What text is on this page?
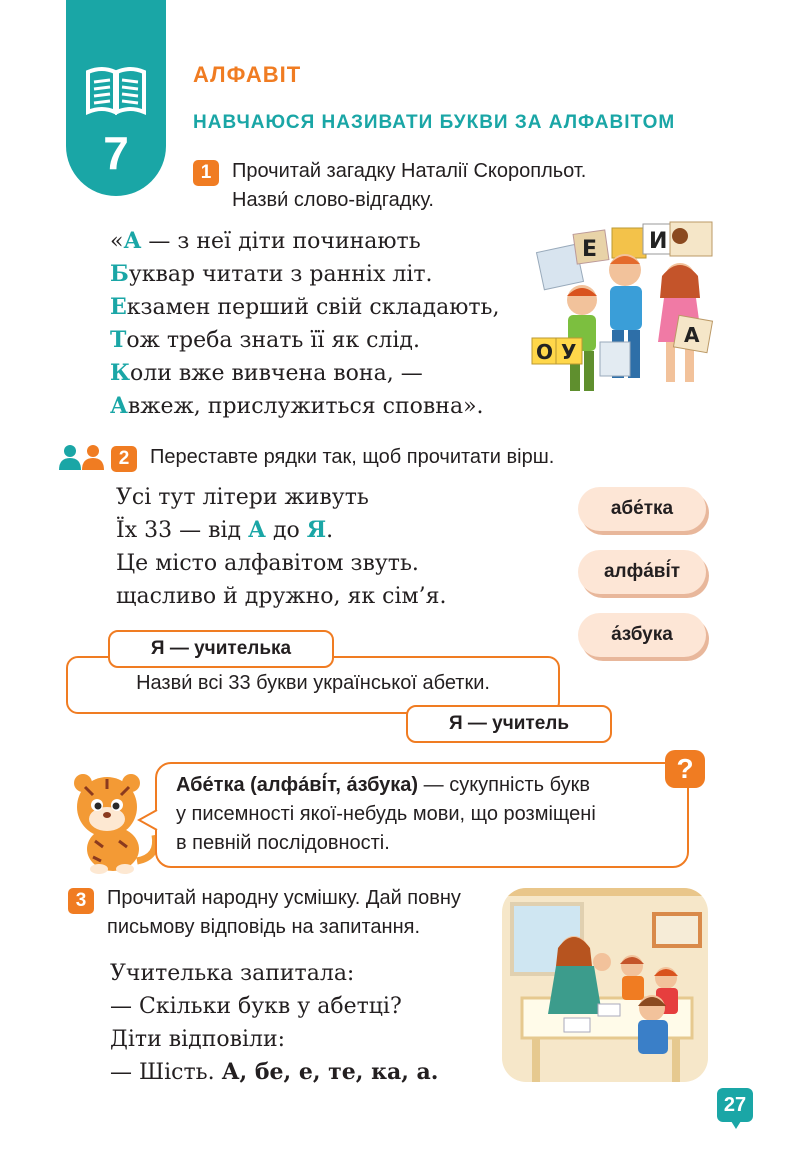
7
АЛФАВІТ
НАВЧАЮСЯ НАЗИВАТИ БУКВИ ЗА АЛФАВІТОМ
1	Прочитай загадку Наталії Скоропльот.
Назви́ слово-відгадку.
«А — з неї діти починають
Буквар читати з ранніх літ.
Екзамен перший свій складають,
Тож треба знать її як слід.
Коли вже вивчена вона, —
Авжеж, прислужиться сповна».
Е И
О У
А
2	Переставте рядки так, щоб прочитати вірш.
Усі тут літери живуть
Їх 33 — від А до Я.
Це місто алфавітом звуть.
щасливо й дружно, як сім’я.
абе́тка
алфа́ві́т
а́збука
Я — учителька
Назви́ всі 33 букви української абетки.
Я — учитель
?
Абе́тка (алфа́ві́т, а́збука) — сукупність букв
у писемності якої-небудь мови, що розміщені
в певній послідовності.
3	Прочитай народну усмішку. Дай повну
письмову відповідь на запитання.
Учителька запитала:
— Скільки букв у абетці?
Діти відповіли:
— Шість. А, бе, е, те, ка, а.
27
